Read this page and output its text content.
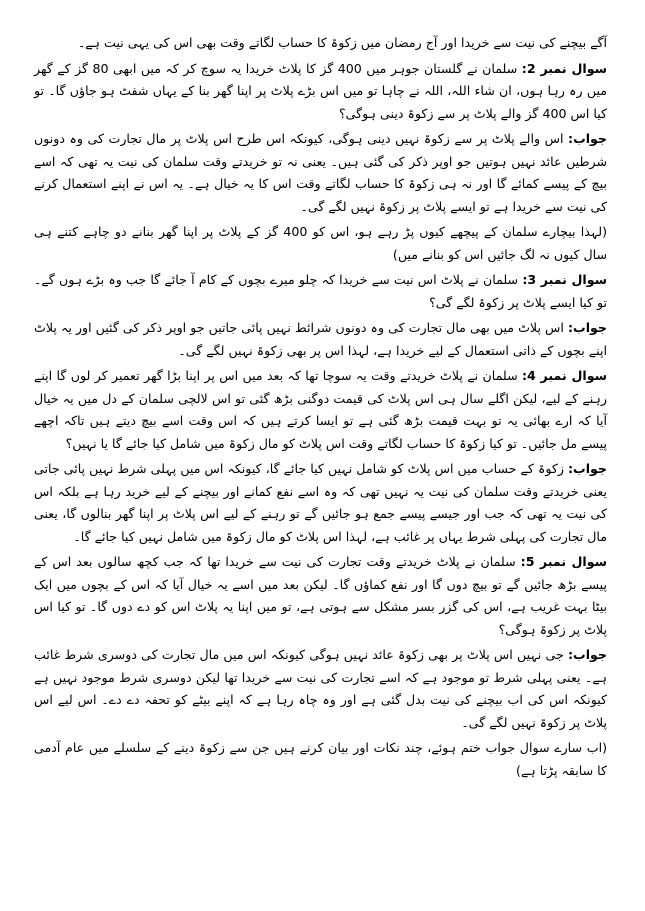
آگے بیچنے کی نیت سے خریدا اور آج رمضان میں زکوۃ کا حساب لگاتے وقت بھی اس کی یہی نیت ہے۔

سوال نمبر 2: سلمان نے گلستان جوہر میں 400 گز کا پلاٹ خریدا یہ سوچ کر کہ میں ابھی 80 گز کے گھر میں رہ رہا ہوں، ان شاء اللہ، اللہ نے چاہا تو میں اس بڑے پلاٹ پر اپنا گھر بنا کے یہاں شفٹ ہو جاؤں گا۔ تو کیا اس 400 گز والے پلاٹ پر سے زکوۃ دینی ہوگی؟

جواب: اس والے پلاٹ پر سے زکوۃ نہیں دینی ہوگی، کیونکہ اس طرح اس پلاٹ پر مال تجارت کی وہ دونوں شرطیں عائد نہیں ہوتیں جو اوپر ذکر کی گئی ہیں۔ یعنی نہ تو خریدتے وقت سلمان کی نیت یہ تھی کہ اسے بیچ کے پیسے کمائے گا اور نہ ہی زکوۃ کا حساب لگاتے وقت اس کا یہ خیال ہے۔ یہ اس نے اپنے استعمال کرنے کی نیت سے خریدا ہے تو ایسے پلاٹ پر زکوۃ نہیں لگے گی۔

(لہذا بیچارے سلمان کے پیچھے کیوں پڑ رہے ہو، اس کو 400 گز کے پلاٹ پر اپنا گھر بنانے دو چاہے کتنے ہی سال کیوں نہ لگ جائیں اس کو بنانے میں)

سوال نمبر 3: سلمان نے پلاٹ اس نیت سے خریدا کہ چلو میرے بچوں کے کام آ جائے گا جب وہ بڑے ہوں گے۔ تو کیا ایسے پلاٹ پر زکوۃ لگے گی؟

جواب: اس پلاٹ میں بھی مال تجارت کی وہ دونوں شرائط نہیں پائی جاتیں جو اوپر ذکر کی گئیں اور یہ پلاٹ اپنے بچوں کے ذاتی استعمال کے لیے خریدا ہے، لہذا اس پر بھی زکوۃ نہیں لگے گی۔

سوال نمبر 4: سلمان نے پلاٹ خریدتے وقت یہ سوچا تھا کہ بعد میں اس پر اپنا بڑا گھر تعمیر کر لوں گا اپنے رہنے کے لیے، لیکن اگلے سال ہی اس پلاٹ کی قیمت دوگنی بڑھ گئی تو اس لالچی سلمان کے دل میں یہ خیال آیا کہ ارے بھائی یہ تو بہت قیمت بڑھ گئی ہے تو ایسا کرتے ہیں کہ اس وقت اسے بیچ دیتے ہیں تاکہ اچھے پیسے مل جائیں۔ تو کیا زکوۃ کا حساب لگاتے وقت اس پلاٹ کو مال زکوۃ میں شامل کیا جائے گا یا نہیں؟

جواب: زکوۃ کے حساب میں اس پلاٹ کو شامل نہیں کیا جائے گا، کیونکہ اس میں پہلی شرط نہیں پائی جاتی یعنی خریدتے وقت سلمان کی نیت یہ نہیں تھی کہ وہ اسے نفع کمانے اور بیچنے کے لیے خرید رہا ہے بلکہ اس کی نیت یہ تھی کہ جب اور جیسے پیسے جمع ہو جائیں گے تو رہنے کے لیے اس پلاٹ پر اپنا گھر بنالوں گا، یعنی مال تجارت کی پہلی شرط یہاں پر غائب ہے، لہذا اس پلاٹ کو مال زکوۃ میں شامل نہیں کیا جائے گا۔

سوال نمبر 5: سلمان نے پلاٹ خریدتے وقت تجارت کی نیت سے خریدا تھا کہ جب کچھ سالوں بعد اس کے پیسے بڑھ جائیں گے تو بیچ دوں گا اور نفع کماؤں گا۔ لیکن بعد میں اسے یہ خیال آیا کہ اس کے بچوں میں ایک بیٹا بہت غریب ہے، اس کی گزر بسر مشکل سے ہوتی ہے، تو میں اپنا یہ پلاٹ اس کو دے دوں گا۔ تو کیا اس پلاٹ پر زکوۃ ہوگی؟

جواب: جی نہیں اس پلاٹ پر بھی زکوۃ عائد نہیں ہوگی کیونکہ اس میں مال تجارت کی دوسری شرط غائب ہے۔ یعنی پہلی شرط تو موجود ہے کہ اسے تجارت کی نیت سے خریدا تھا لیکن دوسری شرط موجود نہیں ہے کیونکہ اس کی اب بیچنے کی نیت بدل گئی ہے اور وہ چاہ رہا ہے کہ اپنے بیٹے کو تحفہ دے دے۔ اس لیے اس پلاٹ پر زکوۃ نہیں لگے گی۔

(اب سارے سوال جواب ختم ہوئے، چند نکات اور بیان کرنے ہیں جن سے زکوۃ دینے کے سلسلے میں عام آدمی کا سابقہ پڑتا ہے)
